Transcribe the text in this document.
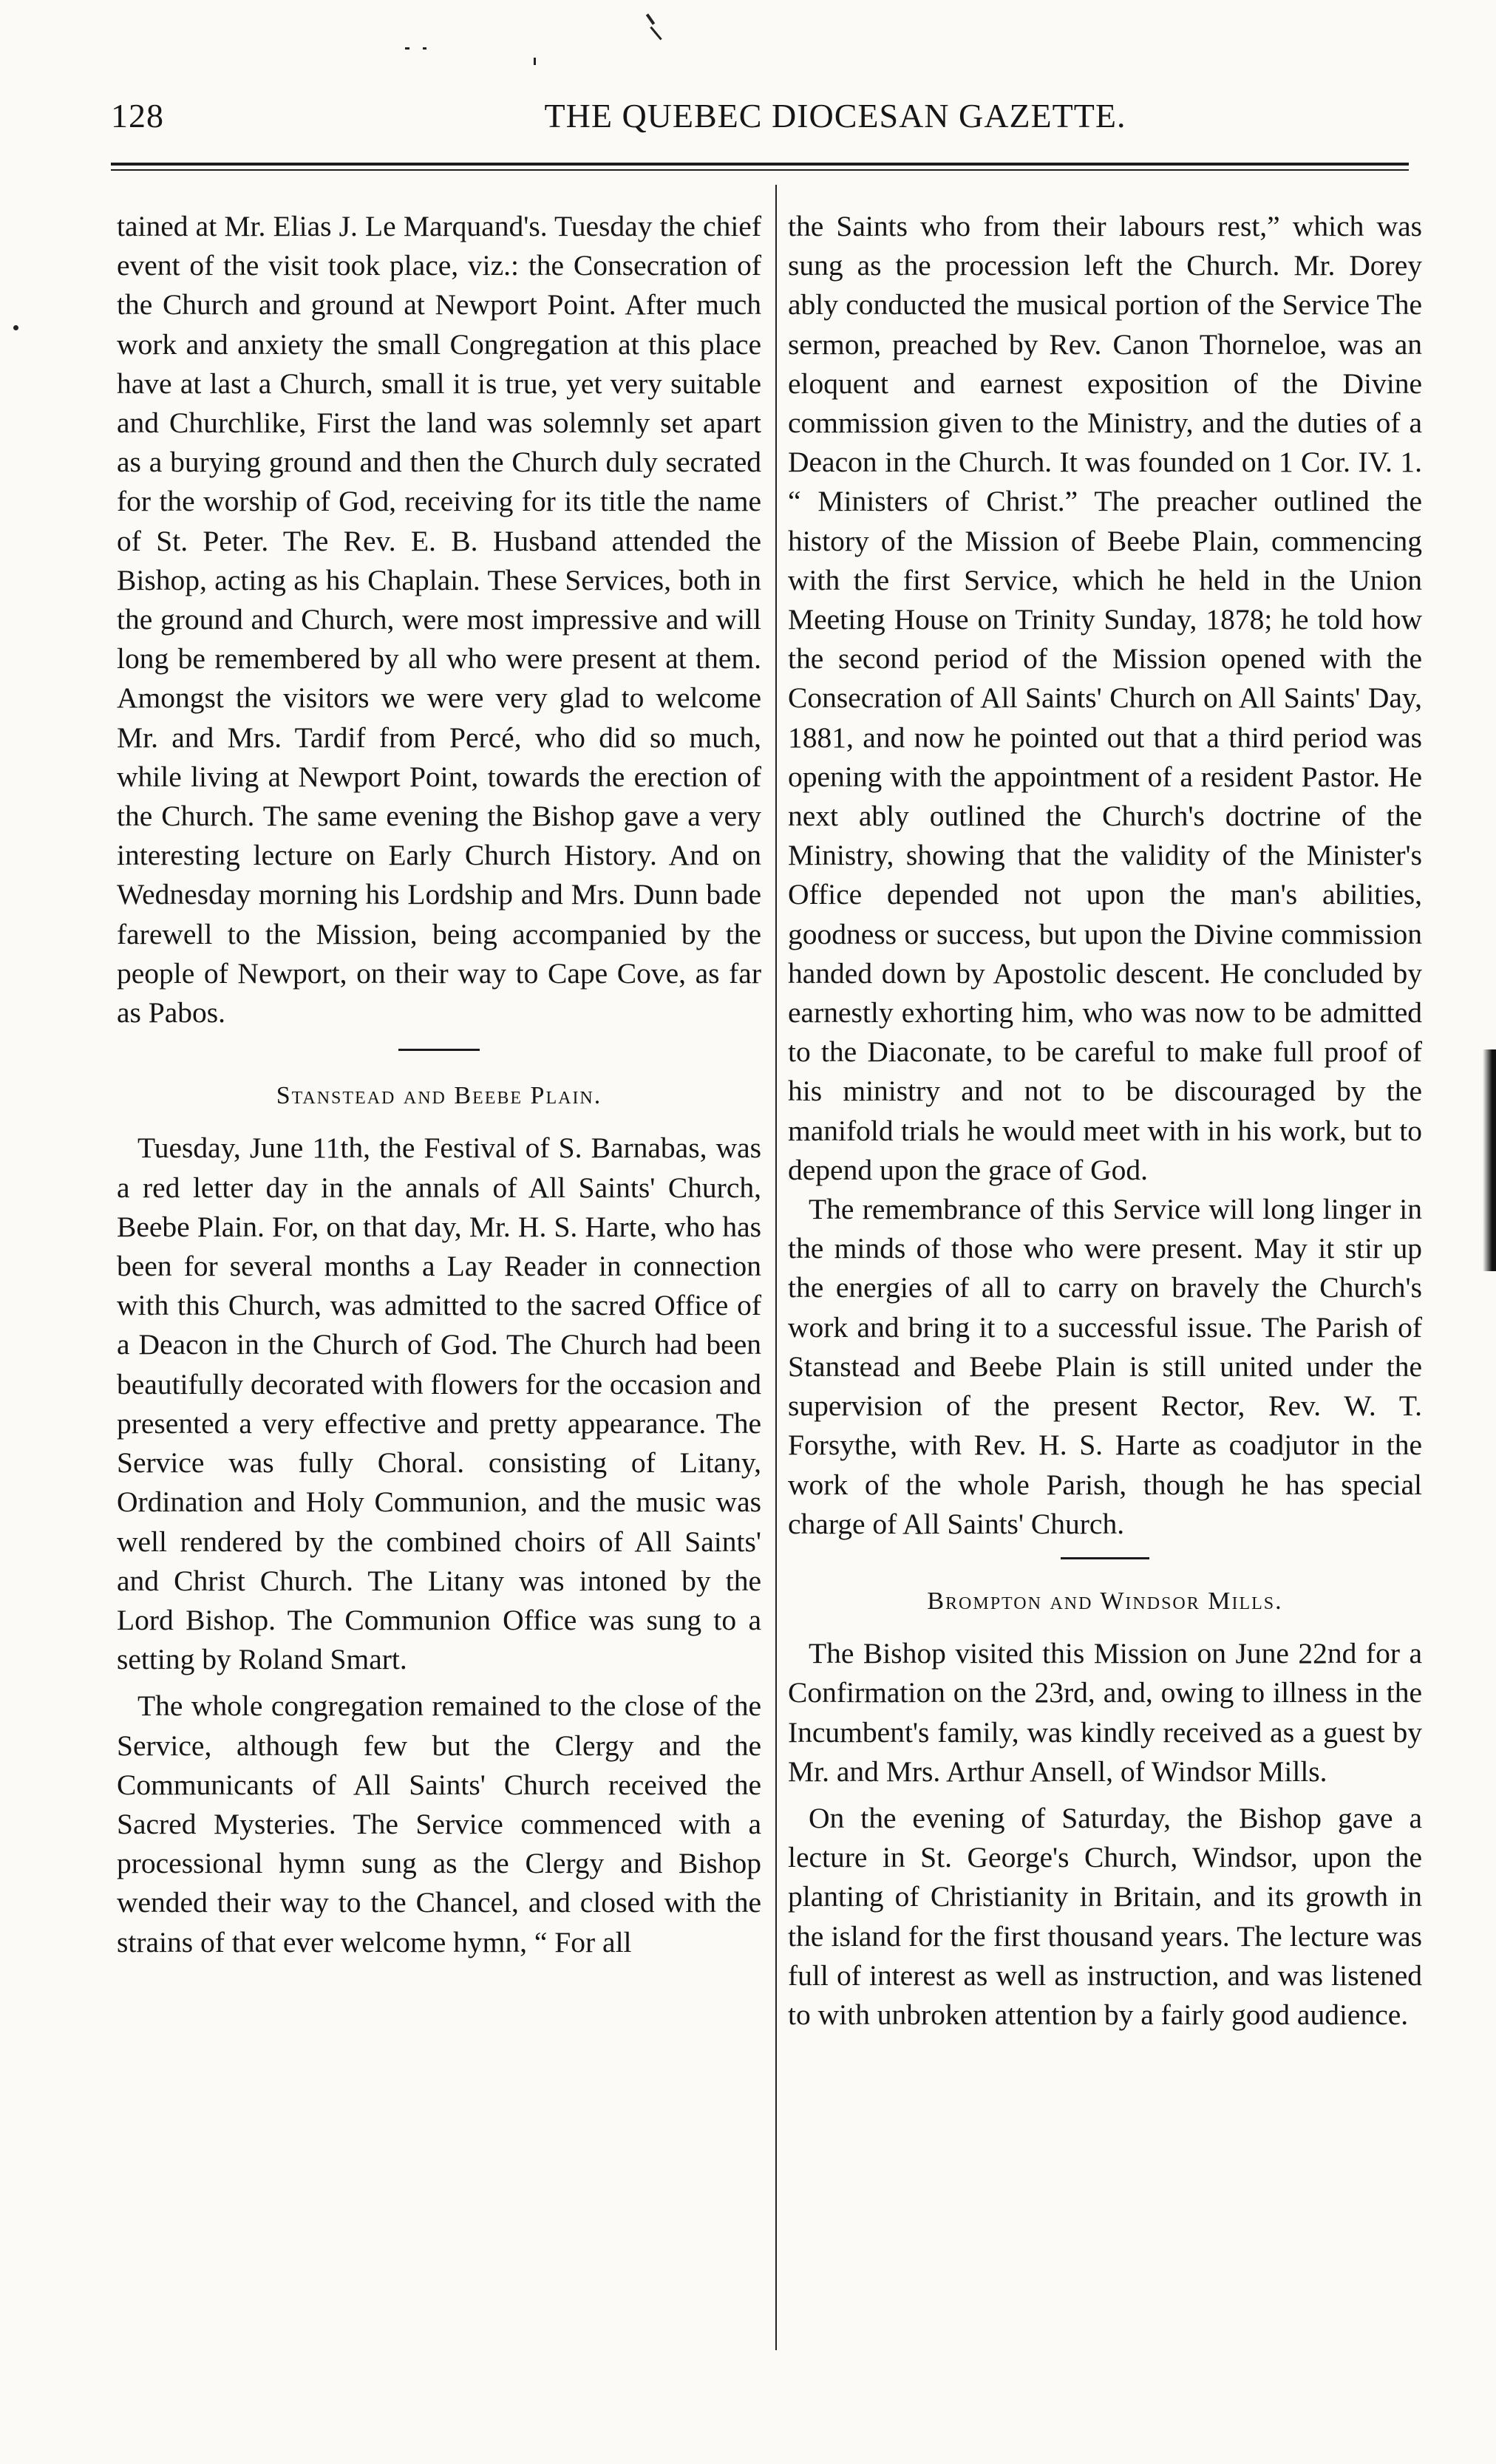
128	THE QUEBEC DIOCESAN GAZETTE.

tained at Mr. Elias J. Le Marquand's. Tuesday the chief event of the visit took place, viz.: the Consecration of the Church and ground at Newport Point. After much work and anxiety the small Congregation at this place have at last a Church, small it is true, yet very suitable and Churchlike, First the land was solemnly set apart as a burying ground and then the Church duly secrated for the worship of God, receiving for its title the name of St. Peter. The Rev. E. B. Husband attended the Bishop, acting as his Chaplain. These Services, both in the ground and Church, were most impressive and will long be remembered by all who were present at them. Amongst the visitors we were very glad to welcome Mr. and Mrs. Tardif from Percé, who did so much, while living at Newport Point, towards the erection of the Church. The same evening the Bishop gave a very interesting lecture on Early Church History. And on Wednesday morning his Lordship and Mrs. Dunn bade farewell to the Mission, being accompanied by the people of Newport, on their way to Cape Cove, as far as Pabos.

Stanstead and Beebe Plain.

Tuesday, June 11th, the Festival of S. Barnabas, was a red letter day in the annals of All Saints' Church, Beebe Plain. For, on that day, Mr. H. S. Harte, who has been for several months a Lay Reader in connection with this Church, was admitted to the sacred Office of a Deacon in the Church of God. The Church had been beautifully decorated with flowers for the occasion and presented a very effective and pretty appearance. The Service was fully Choral. consisting of Litany, Ordination and Holy Communion, and the music was well rendered by the combined choirs of All Saints' and Christ Church. The Litany was intoned by the Lord Bishop. The Communion Office was sung to a setting by Roland Smart.

The whole congregation remained to the close of the Service, although few but the Clergy and the Communicants of All Saints' Church received the Sacred Mysteries. The Service commenced with a processional hymn sung as the Clergy and Bishop wended their way to the Chancel, and closed with the strains of that ever welcome hymn, “ For all

the Saints who from their labours rest,” which was sung as the procession left the Church. Mr. Dorey ably conducted the musical portion of the Service The sermon, preached by Rev. Canon Thorneloe, was an eloquent and earnest exposition of the Divine commission given to the Ministry, and the duties of a Deacon in the Church. It was founded on 1 Cor. IV. 1. “ Ministers of Christ.” The preacher outlined the history of the Mission of Beebe Plain, commencing with the first Service, which he held in the Union Meeting House on Trinity Sunday, 1878; he told how the second period of the Mission opened with the Consecration of All Saints' Church on All Saints' Day, 1881, and now he pointed out that a third period was opening with the appointment of a resident Pastor. He next ably outlined the Church's doctrine of the Ministry, showing that the validity of the Minister's Office depended not upon the man's abilities, goodness or success, but upon the Divine commission handed down by Apostolic descent. He concluded by earnestly exhorting him, who was now to be admitted to the Diaconate, to be careful to make full proof of his ministry and not to be discouraged by the manifold trials he would meet with in his work, but to depend upon the grace of God.

The remembrance of this Service will long linger in the minds of those who were present. May it stir up the energies of all to carry on bravely the Church's work and bring it to a successful issue. The Parish of Stanstead and Beebe Plain is still united under the supervision of the present Rector, Rev. W. T. Forsythe, with Rev. H. S. Harte as coadjutor in the work of the whole Parish, though he has special charge of All Saints' Church.

Brompton and Windsor Mills.

The Bishop visited this Mission on June 22nd for a Confirmation on the 23rd, and, owing to illness in the Incumbent's family, was kindly received as a guest by Mr. and Mrs. Arthur Ansell, of Windsor Mills.

On the evening of Saturday, the Bishop gave a lecture in St. George's Church, Windsor, upon the planting of Christianity in Britain, and its growth in the island for the first thousand years. The lecture was full of interest as well as instruction, and was listened to with unbroken attention by a fairly good audience.
